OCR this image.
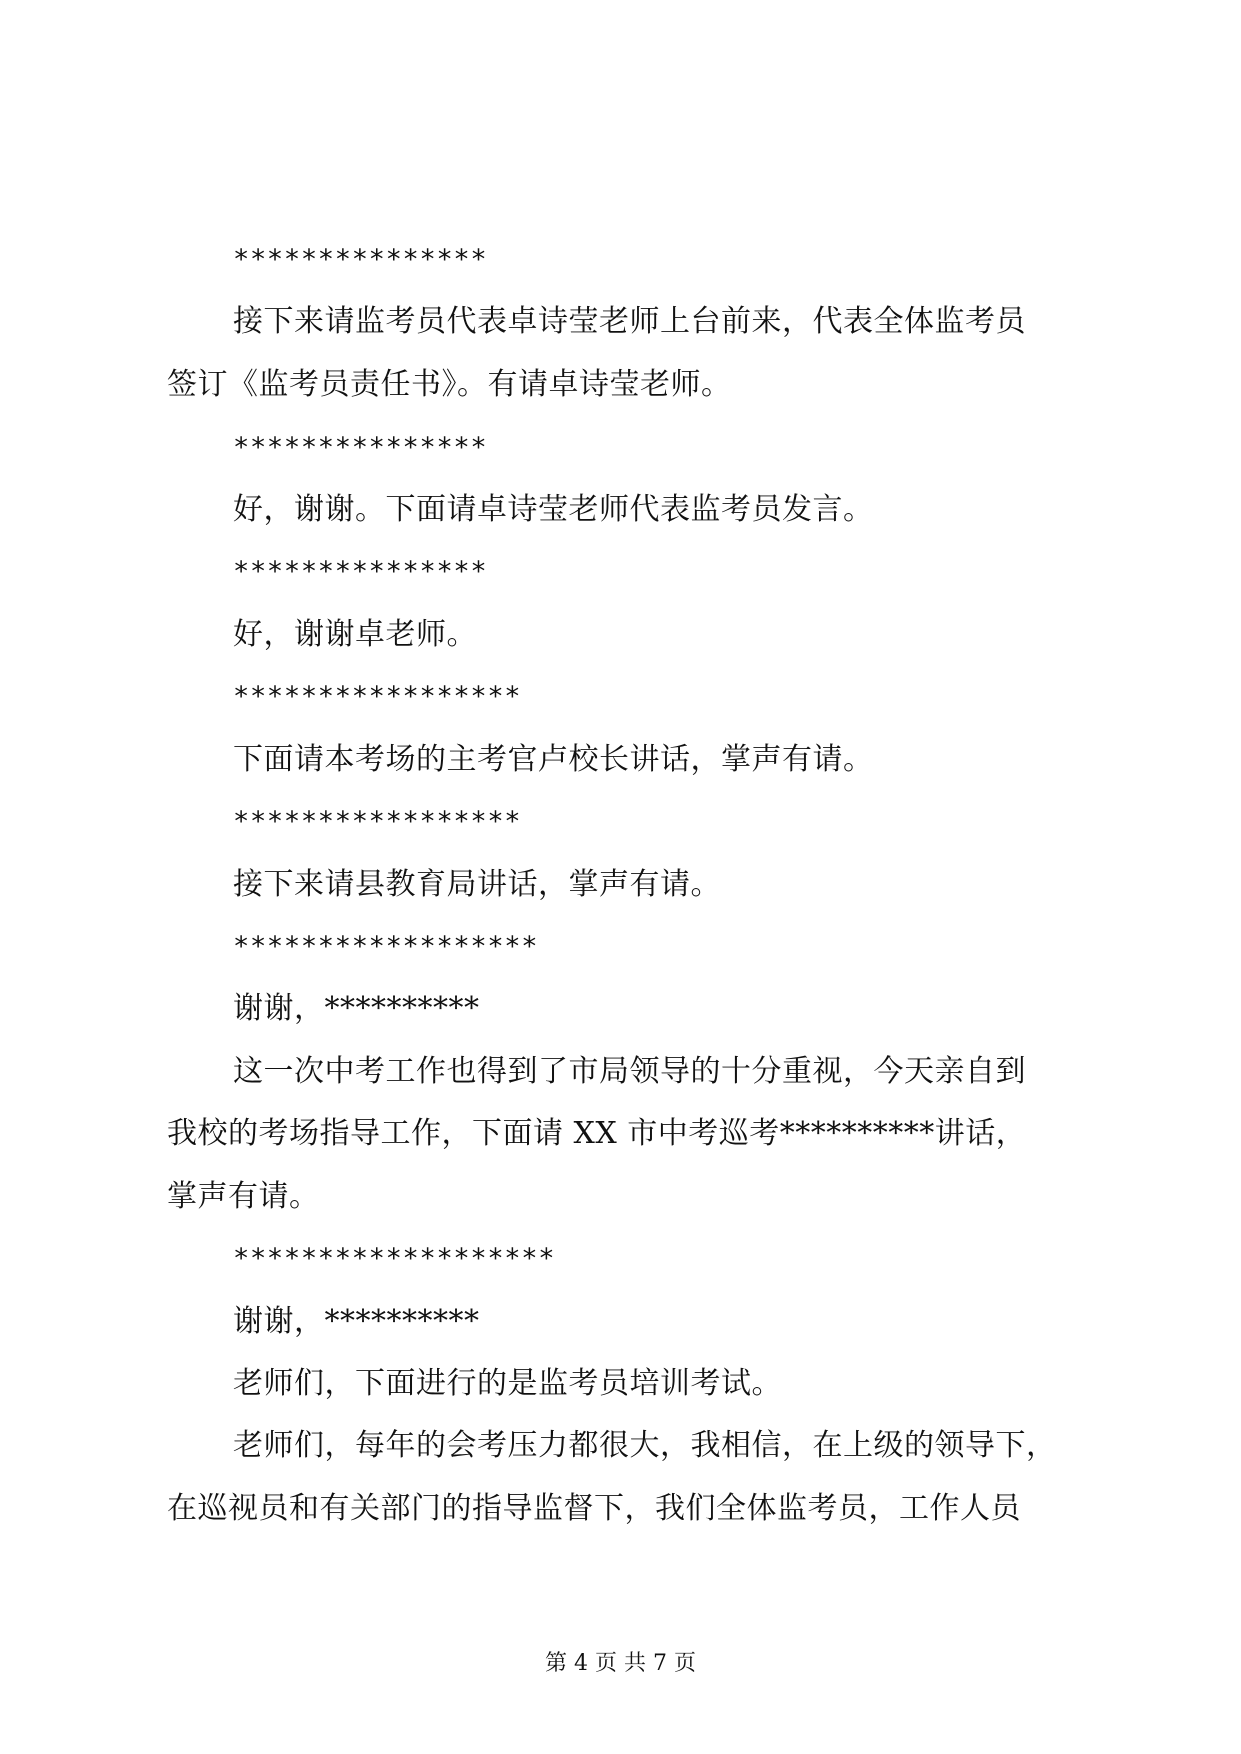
***************
接下来请监考员代表卓诗莹老师上台前来，代表全体监考员
签订《监考员责任书》。有请卓诗莹老师。
***************
好，谢谢。下面请卓诗莹老师代表监考员发言。
***************
好，谢谢卓老师。
*****************
下面请本考场的主考官卢校长讲话，掌声有请。
*****************
接下来请县教育局讲话，掌声有请。
******************
谢谢，**********
这一次中考工作也得到了市局领导的十分重视，今天亲自到
我校的考场指导工作，下面请 XX 市中考巡考**********讲话，
掌声有请。
*******************
谢谢，**********
老师们，下面进行的是监考员培训考试。
老师们，每年的会考压力都很大，我相信，在上级的领导下，
在巡视员和有关部门的指导监督下，我们全体监考员，工作人员
第 4 页 共 7 页
